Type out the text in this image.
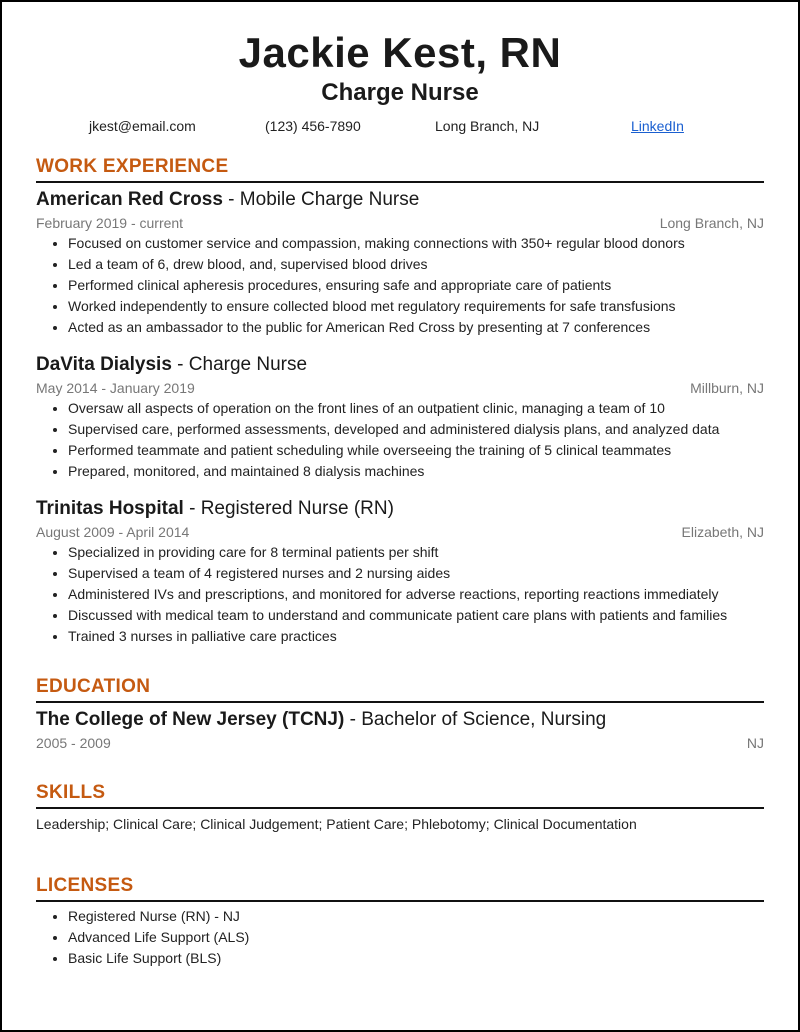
Jackie Kest, RN
Charge Nurse
jkest@email.com	(123) 456-7890	Long Branch, NJ	LinkedIn
WORK EXPERIENCE
American Red Cross - Mobile Charge Nurse
February 2019 - current	Long Branch, NJ
• Focused on customer service and compassion, making connections with 350+ regular blood donors
• Led a team of 6, drew blood, and, supervised blood drives
• Performed clinical apheresis procedures, ensuring safe and appropriate care of patients
• Worked independently to ensure collected blood met regulatory requirements for safe transfusions
• Acted as an ambassador to the public for American Red Cross by presenting at 7 conferences
DaVita Dialysis - Charge Nurse
May 2014 - January 2019	Millburn, NJ
• Oversaw all aspects of operation on the front lines of an outpatient clinic, managing a team of 10
• Supervised care, performed assessments, developed and administered dialysis plans, and analyzed data
• Performed teammate and patient scheduling while overseeing the training of 5 clinical teammates
• Prepared, monitored, and maintained 8 dialysis machines
Trinitas Hospital - Registered Nurse (RN)
August 2009 - April 2014	Elizabeth, NJ
• Specialized in providing care for 8 terminal patients per shift
• Supervised a team of 4 registered nurses and 2 nursing aides
• Administered IVs and prescriptions, and monitored for adverse reactions, reporting reactions immediately
• Discussed with medical team to understand and communicate patient care plans with patients and families
• Trained 3 nurses in palliative care practices
EDUCATION
The College of New Jersey (TCNJ) - Bachelor of Science, Nursing
2005 - 2009	NJ
SKILLS
Leadership; Clinical Care; Clinical Judgement; Patient Care; Phlebotomy; Clinical Documentation
LICENSES
• Registered Nurse (RN) - NJ
• Advanced Life Support (ALS)
• Basic Life Support (BLS)
